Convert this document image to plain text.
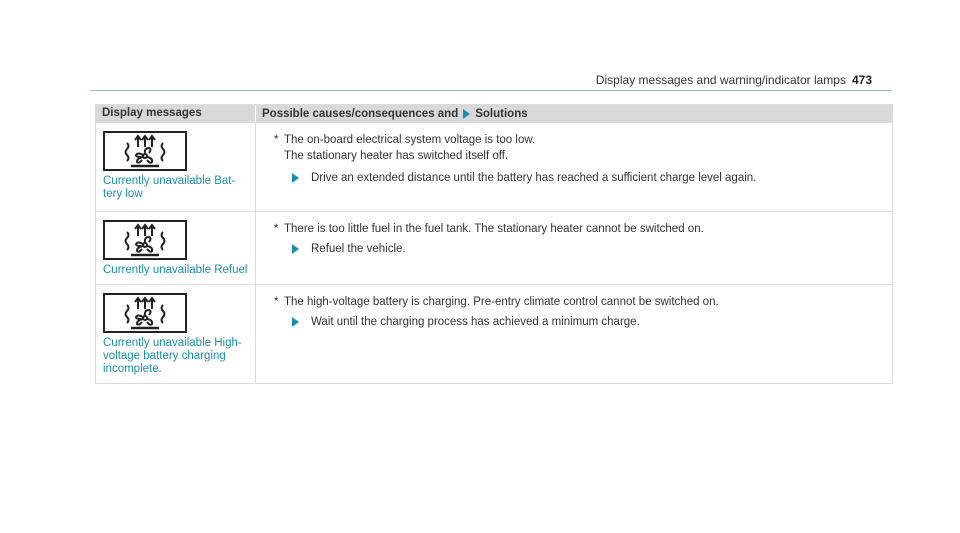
Display messages and warning/indicator lamps 473
Display messages	Possible causes/consequences and Solutions
Currently unavailable Bat-
tery low
* The on-board electrical system voltage is too low.
The stationary heater has switched itself off.
Drive an extended distance until the battery has reached a sufficient charge level again.
Currently unavailable Refuel
* There is too little fuel in the fuel tank. The stationary heater cannot be switched on.
Refuel the vehicle.
Currently unavailable High-
voltage battery charging
incomplete.
* The high-voltage battery is charging. Pre-entry climate control cannot be switched on.
Wait until the charging process has achieved a minimum charge.
